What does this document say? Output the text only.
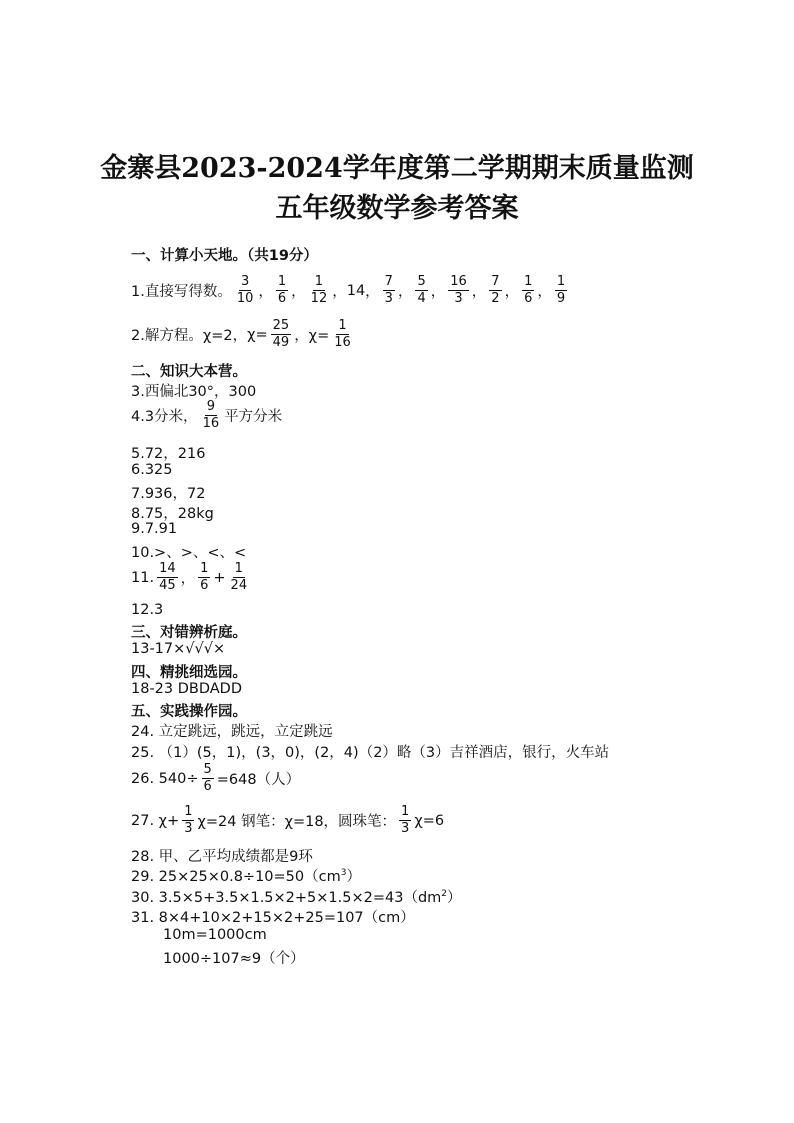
金寨县2023-2024学年度第二学期期末质量监测
五年级数学参考答案
一、计算小天地。（共19分）
1.直接写得数。 $\frac{3}{10}$ ， $\frac{1}{6}$ ， $\frac{1}{12}$ ，14， $\frac{7}{3}$ ， $\frac{5}{4}$ ， $\frac{16}{3}$ ， $\frac{7}{2}$ ， $\frac{1}{6}$ ， $\frac{1}{9}$
2.解方程。χ=2，$\chi= \frac{25}{49}$ ，$\chi= \frac{1}{16}$
二、知识大本营。
3.西偏北30°，300
4.3分米， $\frac{9}{16}$ 平方分米
5.72，216
6.325
7.936，72
8.75，28kg
9.7.91
10.>、>、<、<
11. $\frac{14}{45}$ ， $\frac{1}{6} + \frac{1}{24}$
12.3
三、对错辨析庭。
13-17×√√√×
四、精挑细选园。
18-23 DBDADD
五、实践操作园。
24. 立定跳远，跳远，立定跳远
25. （1）(5，1)，(3，0)，(2，4)（2）略（3）吉祥酒店，银行，火车站
26. $540\div \frac{5}{6} =648$（人）
27. $\chi+ \frac{1}{3} \chi=24$ 钢笔：χ=18，圆珠笔： $\frac{1}{3} \chi=6$
28. 甲、乙平均成绩都是9环
29. $25\times 25\times 0.8\div 10=50(cm^3)$
30. $3.5\times 5+3.5\times 1.5\times 2+5\times 1.5\times 2=43(dm^2)$
31. 8×4+10×2+15×2+25=107（cm）
10m=1000cm
1000÷107≈9（个）
